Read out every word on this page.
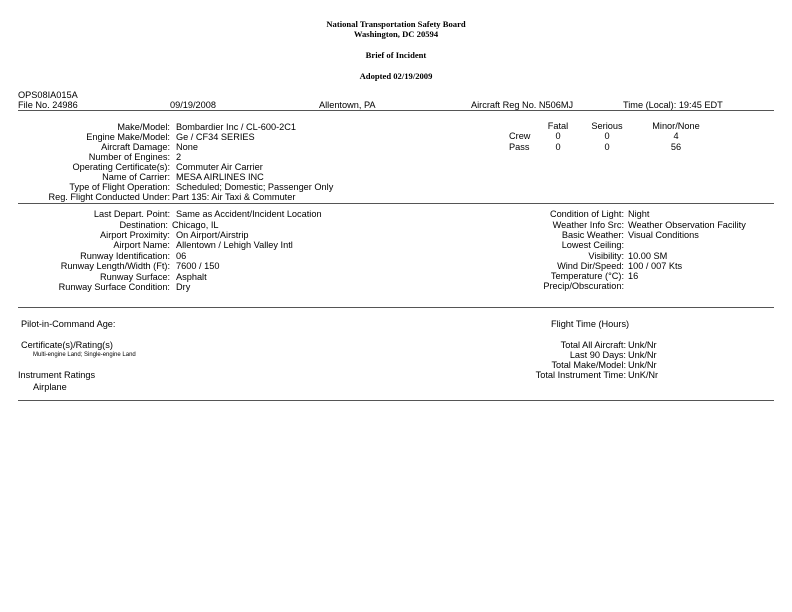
National Transportation Safety Board
Washington, DC 20594
Brief of Incident
Adopted 02/19/2009
OPS08IA015A
File No. 24986	09/19/2008	Allentown, PA	Aircraft Reg No. N506MJ	Time (Local): 19:45 EDT
Make/Model: Bombardier Inc / CL-600-2C1
Engine Make/Model: Ge / CF34 SERIES
Aircraft Damage: None
Number of Engines: 2
Operating Certificate(s): Commuter Air Carrier
Name of Carrier: MESA AIRLINES INC
Type of Flight Operation: Scheduled; Domestic; Passenger Only
Reg. Flight Conducted Under: Part 135: Air Taxi & Commuter
Fatal	Serious	Minor/None
Crew	0	0	4
Pass	0	0	56
Last Depart. Point: Same as Accident/Incident Location
Destination: Chicago, IL
Airport Proximity: On Airport/Airstrip
Airport Name: Allentown / Lehigh Valley Intl
Runway Identification: 06
Runway Length/Width (Ft): 7600 / 150
Runway Surface: Asphalt
Runway Surface Condition: Dry
Condition of Light: Night
Weather Info Src: Weather Observation Facility
Basic Weather: Visual Conditions
Lowest Ceiling:
Visibility: 10.00 SM
Wind Dir/Speed: 100 / 007 Kts
Temperature (°C): 16
Precip/Obscuration:
Pilot-in-Command Age:
Certificate(s)/Rating(s)
Multi-engine Land; Single-engine Land
Instrument Ratings
Airplane
Flight Time (Hours)
Total All Aircraft: Unk/Nr
Last 90 Days: Unk/Nr
Total Make/Model: Unk/Nr
Total Instrument Time: UnK/Nr
